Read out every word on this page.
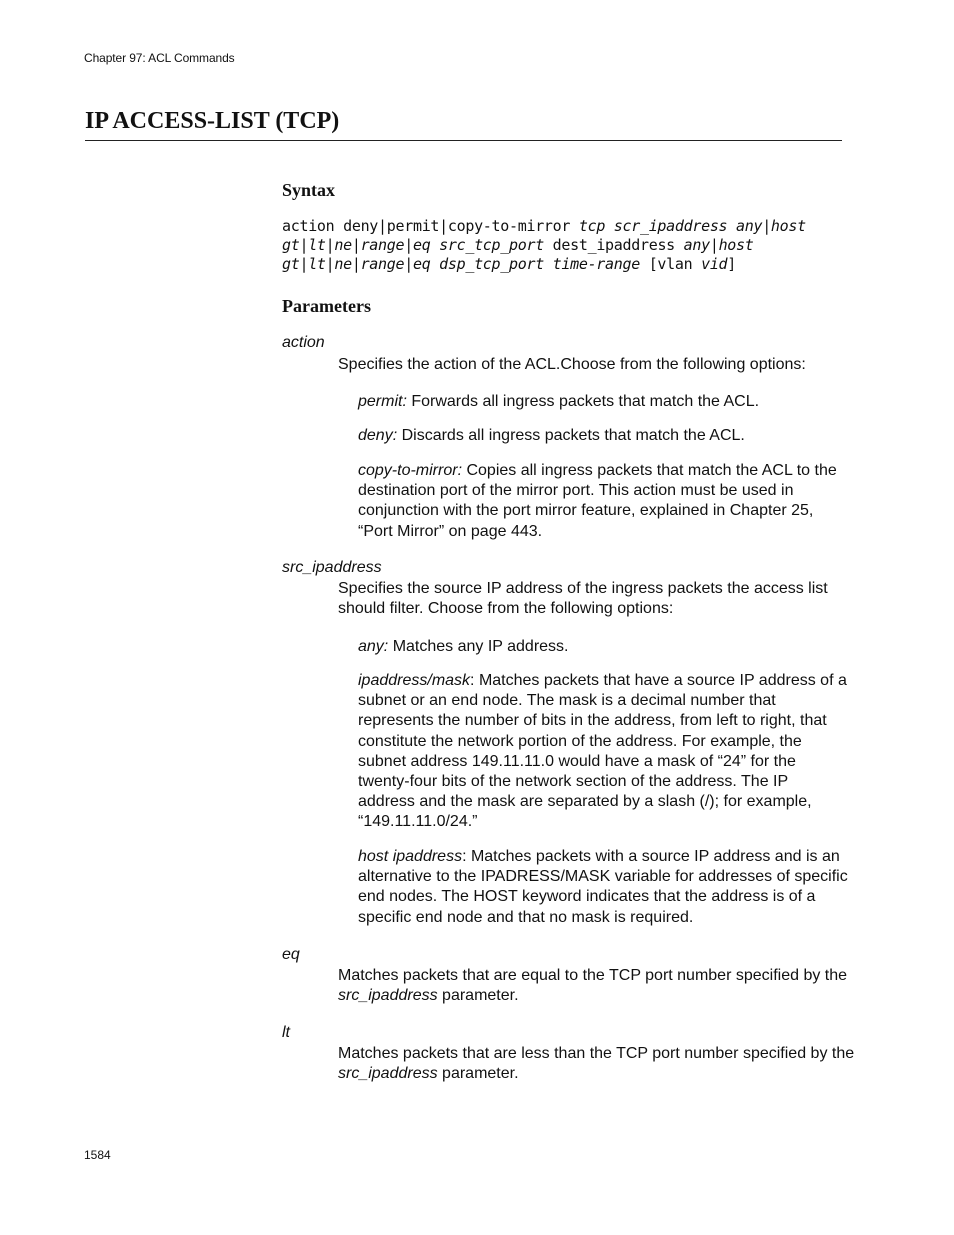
Chapter 97: ACL Commands
IP ACCESS-LIST (TCP)
Syntax
action deny|permit|copy-to-mirror tcp scr_ipaddress any|host
gt|lt|ne|range|eq src_tcp_port dest_ipaddress any|host
gt|lt|ne|range|eq dsp_tcp_port time-range [vlan vid]
Parameters
action
Specifies the action of the ACL.Choose from the following options:
permit: Forwards all ingress packets that match the ACL.
deny: Discards all ingress packets that match the ACL.
copy-to-mirror: Copies all ingress packets that match the ACL to the destination port of the mirror port. This action must be used in conjunction with the port mirror feature, explained in Chapter 25, “Port Mirror” on page 443.
src_ipaddress
Specifies the source IP address of the ingress packets the access list should filter. Choose from the following options:
any: Matches any IP address.
ipaddress/mask: Matches packets that have a source IP address of a subnet or an end node. The mask is a decimal number that represents the number of bits in the address, from left to right, that constitute the network portion of the address. For example, the subnet address 149.11.11.0 would have a mask of “24” for the twenty-four bits of the network section of the address. The IP address and the mask are separated by a slash (/); for example, “149.11.11.0/24.”
host ipaddress: Matches packets with a source IP address and is an alternative to the IPADRESS/MASK variable for addresses of specific end nodes. The HOST keyword indicates that the address is of a specific end node and that no mask is required.
eq
Matches packets that are equal to the TCP port number specified by the src_ipaddress parameter.
lt
Matches packets that are less than the TCP port number specified by the src_ipaddress parameter.
1584
